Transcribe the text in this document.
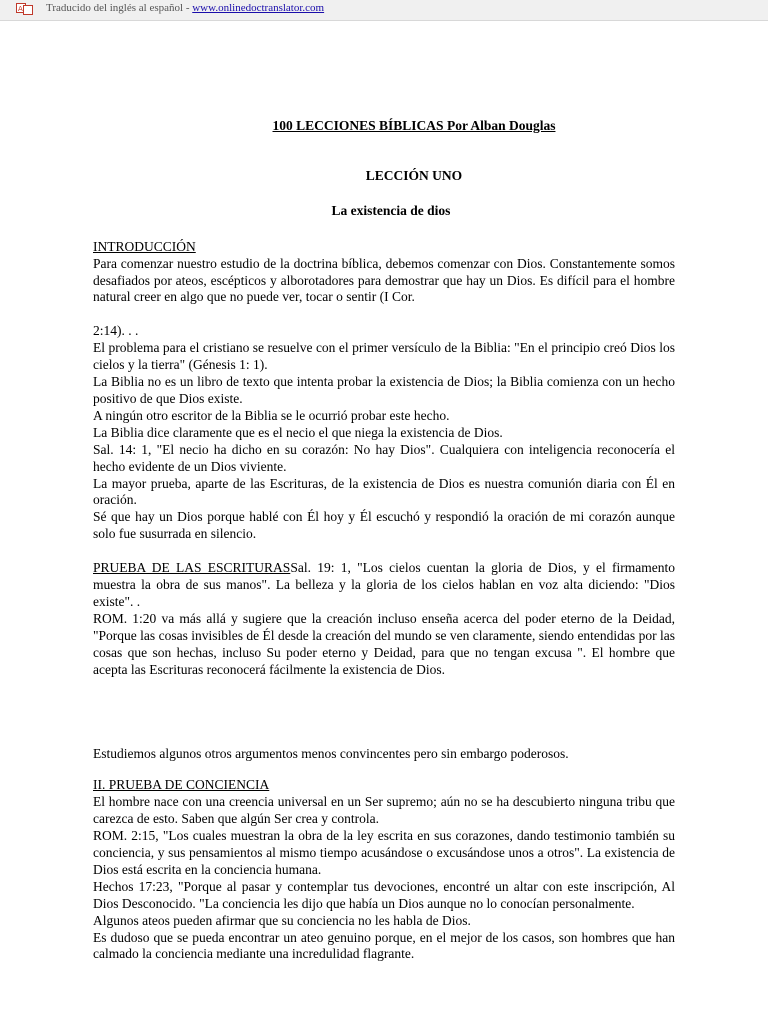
A Traducido del inglés al español - www.onlinedoctranslator.com

100 LECCIONES BÍBLICAS Por Alban Douglas

LECCIÓN UNO

La existencia de dios

INTRODUCCIÓN

Para comenzar nuestro estudio de la doctrina bíblica, debemos comenzar con Dios. Constantemente somos desafiados por ateos, escépticos y alborotadores para demostrar que hay un Dios. Es difícil para el hombre natural creer en algo que no puede ver, tocar o sentir (I Cor.

2:14). . .

El problema para el cristiano se resuelve con el primer versículo de la Biblia: "En el principio creó Dios los cielos y la tierra" (Génesis 1: 1).

La Biblia no es un libro de texto que intenta probar la existencia de Dios; la Biblia comienza con un hecho positivo de que Dios existe.

A ningún otro escritor de la Biblia se le ocurrió probar este hecho.

La Biblia dice claramente que es el necio el que niega la existencia de Dios.

Sal. 14: 1, "El necio ha dicho en su corazón: No hay Dios". Cualquiera con inteligencia reconocería el hecho evidente de un Dios viviente.

La mayor prueba, aparte de las Escrituras, de la existencia de Dios es nuestra comunión diaria con Él en oración.

Sé que hay un Dios porque hablé con Él hoy y Él escuchó y respondió la oración de mi corazón aunque solo fue susurrada en silencio.

PRUEBA DE LAS ESCRITURASSal. 19: 1, "Los cielos cuentan la gloria de Dios, y el firmamento muestra la obra de sus manos". La belleza y la gloria de los cielos hablan en voz alta diciendo: "Dios existe". .

ROM. 1:20 va más allá y sugiere que la creación incluso enseña acerca del poder eterno de la Deidad, "Porque las cosas invisibles de Él desde la creación del mundo se ven claramente, siendo entendidas por las cosas que son hechas, incluso Su poder eterno y Deidad, para que no tengan excusa ". El hombre que acepta las Escrituras reconocerá fácilmente la existencia de Dios.

Estudiemos algunos otros argumentos menos convincentes pero sin embargo poderosos.

II. PRUEBA DE CONCIENCIA

El hombre nace con una creencia universal en un Ser supremo; aún no se ha descubierto ninguna tribu que carezca de esto. Saben que algún Ser crea y controla.

ROM. 2:15, "Los cuales muestran la obra de la ley escrita en sus corazones, dando testimonio también su conciencia, y sus pensamientos al mismo tiempo acusándose o excusándose unos a otros". La existencia de Dios está escrita en la conciencia humana.

Hechos 17:23, "Porque al pasar y contemplar tus devociones, encontré un altar con este inscripción, Al Dios Desconocido. "La conciencia les dijo que había un Dios aunque no lo conocían personalmente.

Algunos ateos pueden afirmar que su conciencia no les habla de Dios.

Es dudoso que se pueda encontrar un ateo genuino porque, en el mejor de los casos, son hombres que han calmado la conciencia mediante una incredulidad flagrante.
